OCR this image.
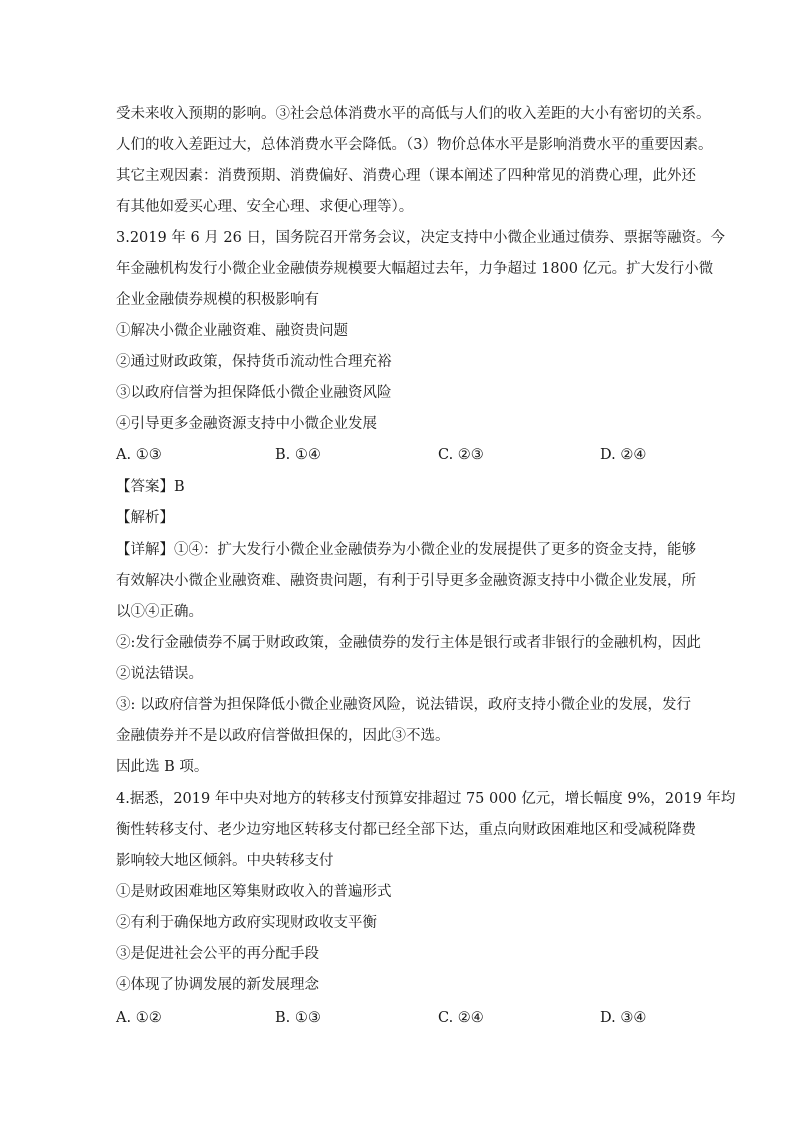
受未来收入预期的影响。③社会总体消费水平的高低与人们的收入差距的大小有密切的关系。
人们的收入差距过大，总体消费水平会降低。（3）物价总体水平是影响消费水平的重要因素。
其它主观因素：消费预期、消费偏好、消费心理（课本阐述了四种常见的消费心理，此外还
有其他如爱买心理、安全心理、求便心理等）。
3.2019 年 6 月 26 日，国务院召开常务会议，决定支持中小微企业通过债券、票据等融资。今
年金融机构发行小微企业金融债券规模要大幅超过去年，力争超过 1800 亿元。扩大发行小微
企业金融债券规模的积极影响有
①解决小微企业融资难、融资贵问题
②通过财政政策，保持货币流动性合理充裕
③以政府信誉为担保降低小微企业融资风险
④引导更多金融资源支持中小微企业发展
A. ①③	B. ①④	C. ②③	D. ②④
【答案】B
【解析】
【详解】①④：扩大发行小微企业金融债券为小微企业的发展提供了更多的资金支持，能够
有效解决小微企业融资难、融资贵问题，有利于引导更多金融资源支持中小微企业发展，所
以①④正确。
②:发行金融债券不属于财政政策，金融债券的发行主体是银行或者非银行的金融机构，因此
②说法错误。
③: 以政府信誉为担保降低小微企业融资风险，说法错误，政府支持小微企业的发展，发行
金融债券并不是以政府信誉做担保的，因此③不选。
因此选 B 项。
4.据悉，2019 年中央对地方的转移支付预算安排超过 75 000 亿元，增长幅度 9%，2019 年均
衡性转移支付、老少边穷地区转移支付都已经全部下达，重点向财政困难地区和受减税降费
影响较大地区倾斜。中央转移支付
①是财政困难地区筹集财政收入的普遍形式
②有利于确保地方政府实现财政收支平衡
③是促进社会公平的再分配手段
④体现了协调发展的新发展理念
A. ①②	B. ①③	C. ②④	D. ③④
